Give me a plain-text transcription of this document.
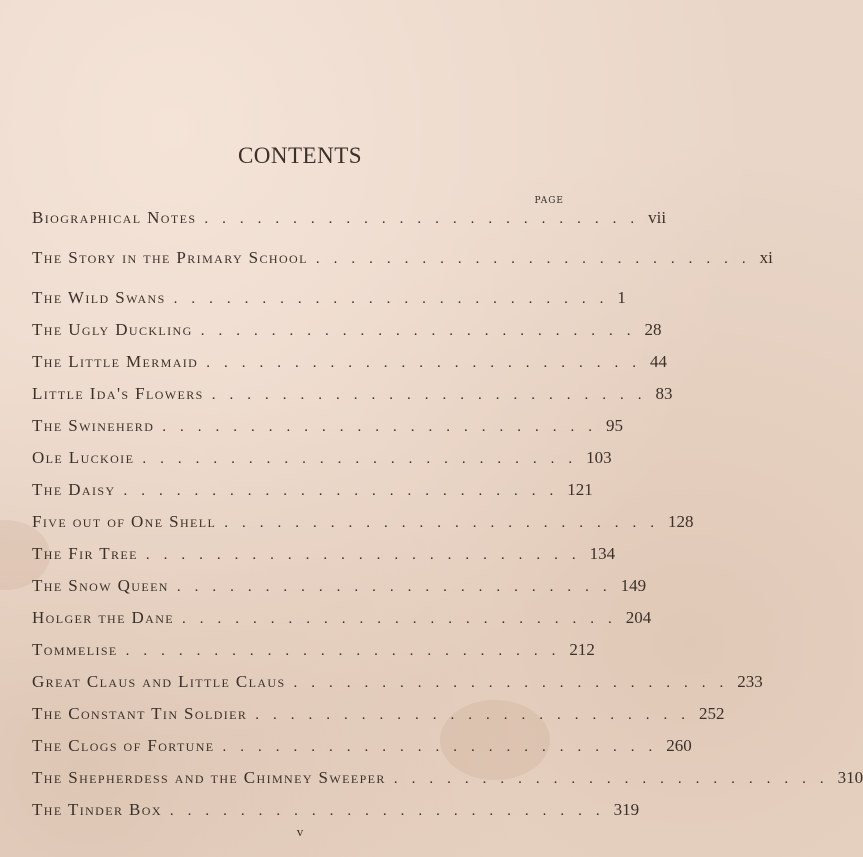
CONTENTS
PAGE
Biographical Notes ......................... vii
The Story in the Primary School ......................... xi
The Wild Swans ......................... 1
The Ugly Duckling ......................... 28
The Little Mermaid ......................... 44
Little Ida's Flowers ......................... 83
The Swineherd ......................... 95
Ole Luckoie ......................... 103
The Daisy ......................... 121
Five out of One Shell ......................... 128
The Fir Tree ......................... 134
The Snow Queen ......................... 149
Holger the Dane ......................... 204
Tommelise ......................... 212
Great Claus and Little Claus ......................... 233
The Constant Tin Soldier ......................... 252
The Clogs of Fortune ......................... 260
The Shepherdess and the Chimney Sweeper ......................... 310
The Tinder Box ......................... 319
v
